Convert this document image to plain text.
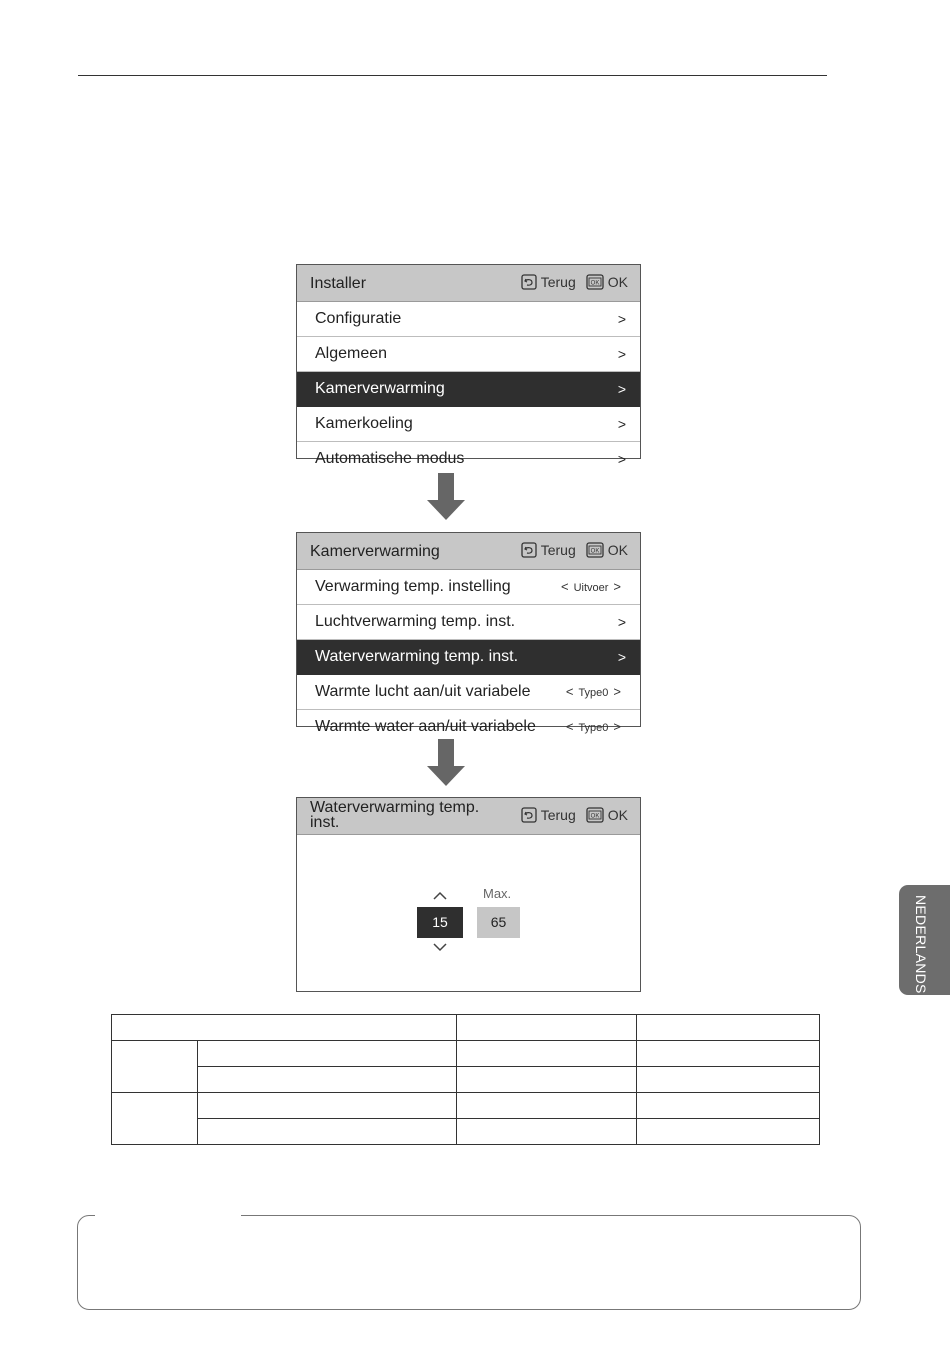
Installer	Terug OK OK
Configuratie	>
Algemeen	>
Kamerverwarming	>
Kamerkoeling	>
Automatische modus	>
Kamerverwarming	Terug OK OK
Verwarming temp. instelling	< Uitvoer >
Luchtverwarming temp. inst.	>
Waterverwarming temp. inst.	>
Warmte lucht aan/uit variabele	< Type0 >
Warmte water aan/uit variabele	< Type0 >
Waterverwarming temp.
inst.	Terug OK OK
15
Max.
65

			NEDERLANDS
